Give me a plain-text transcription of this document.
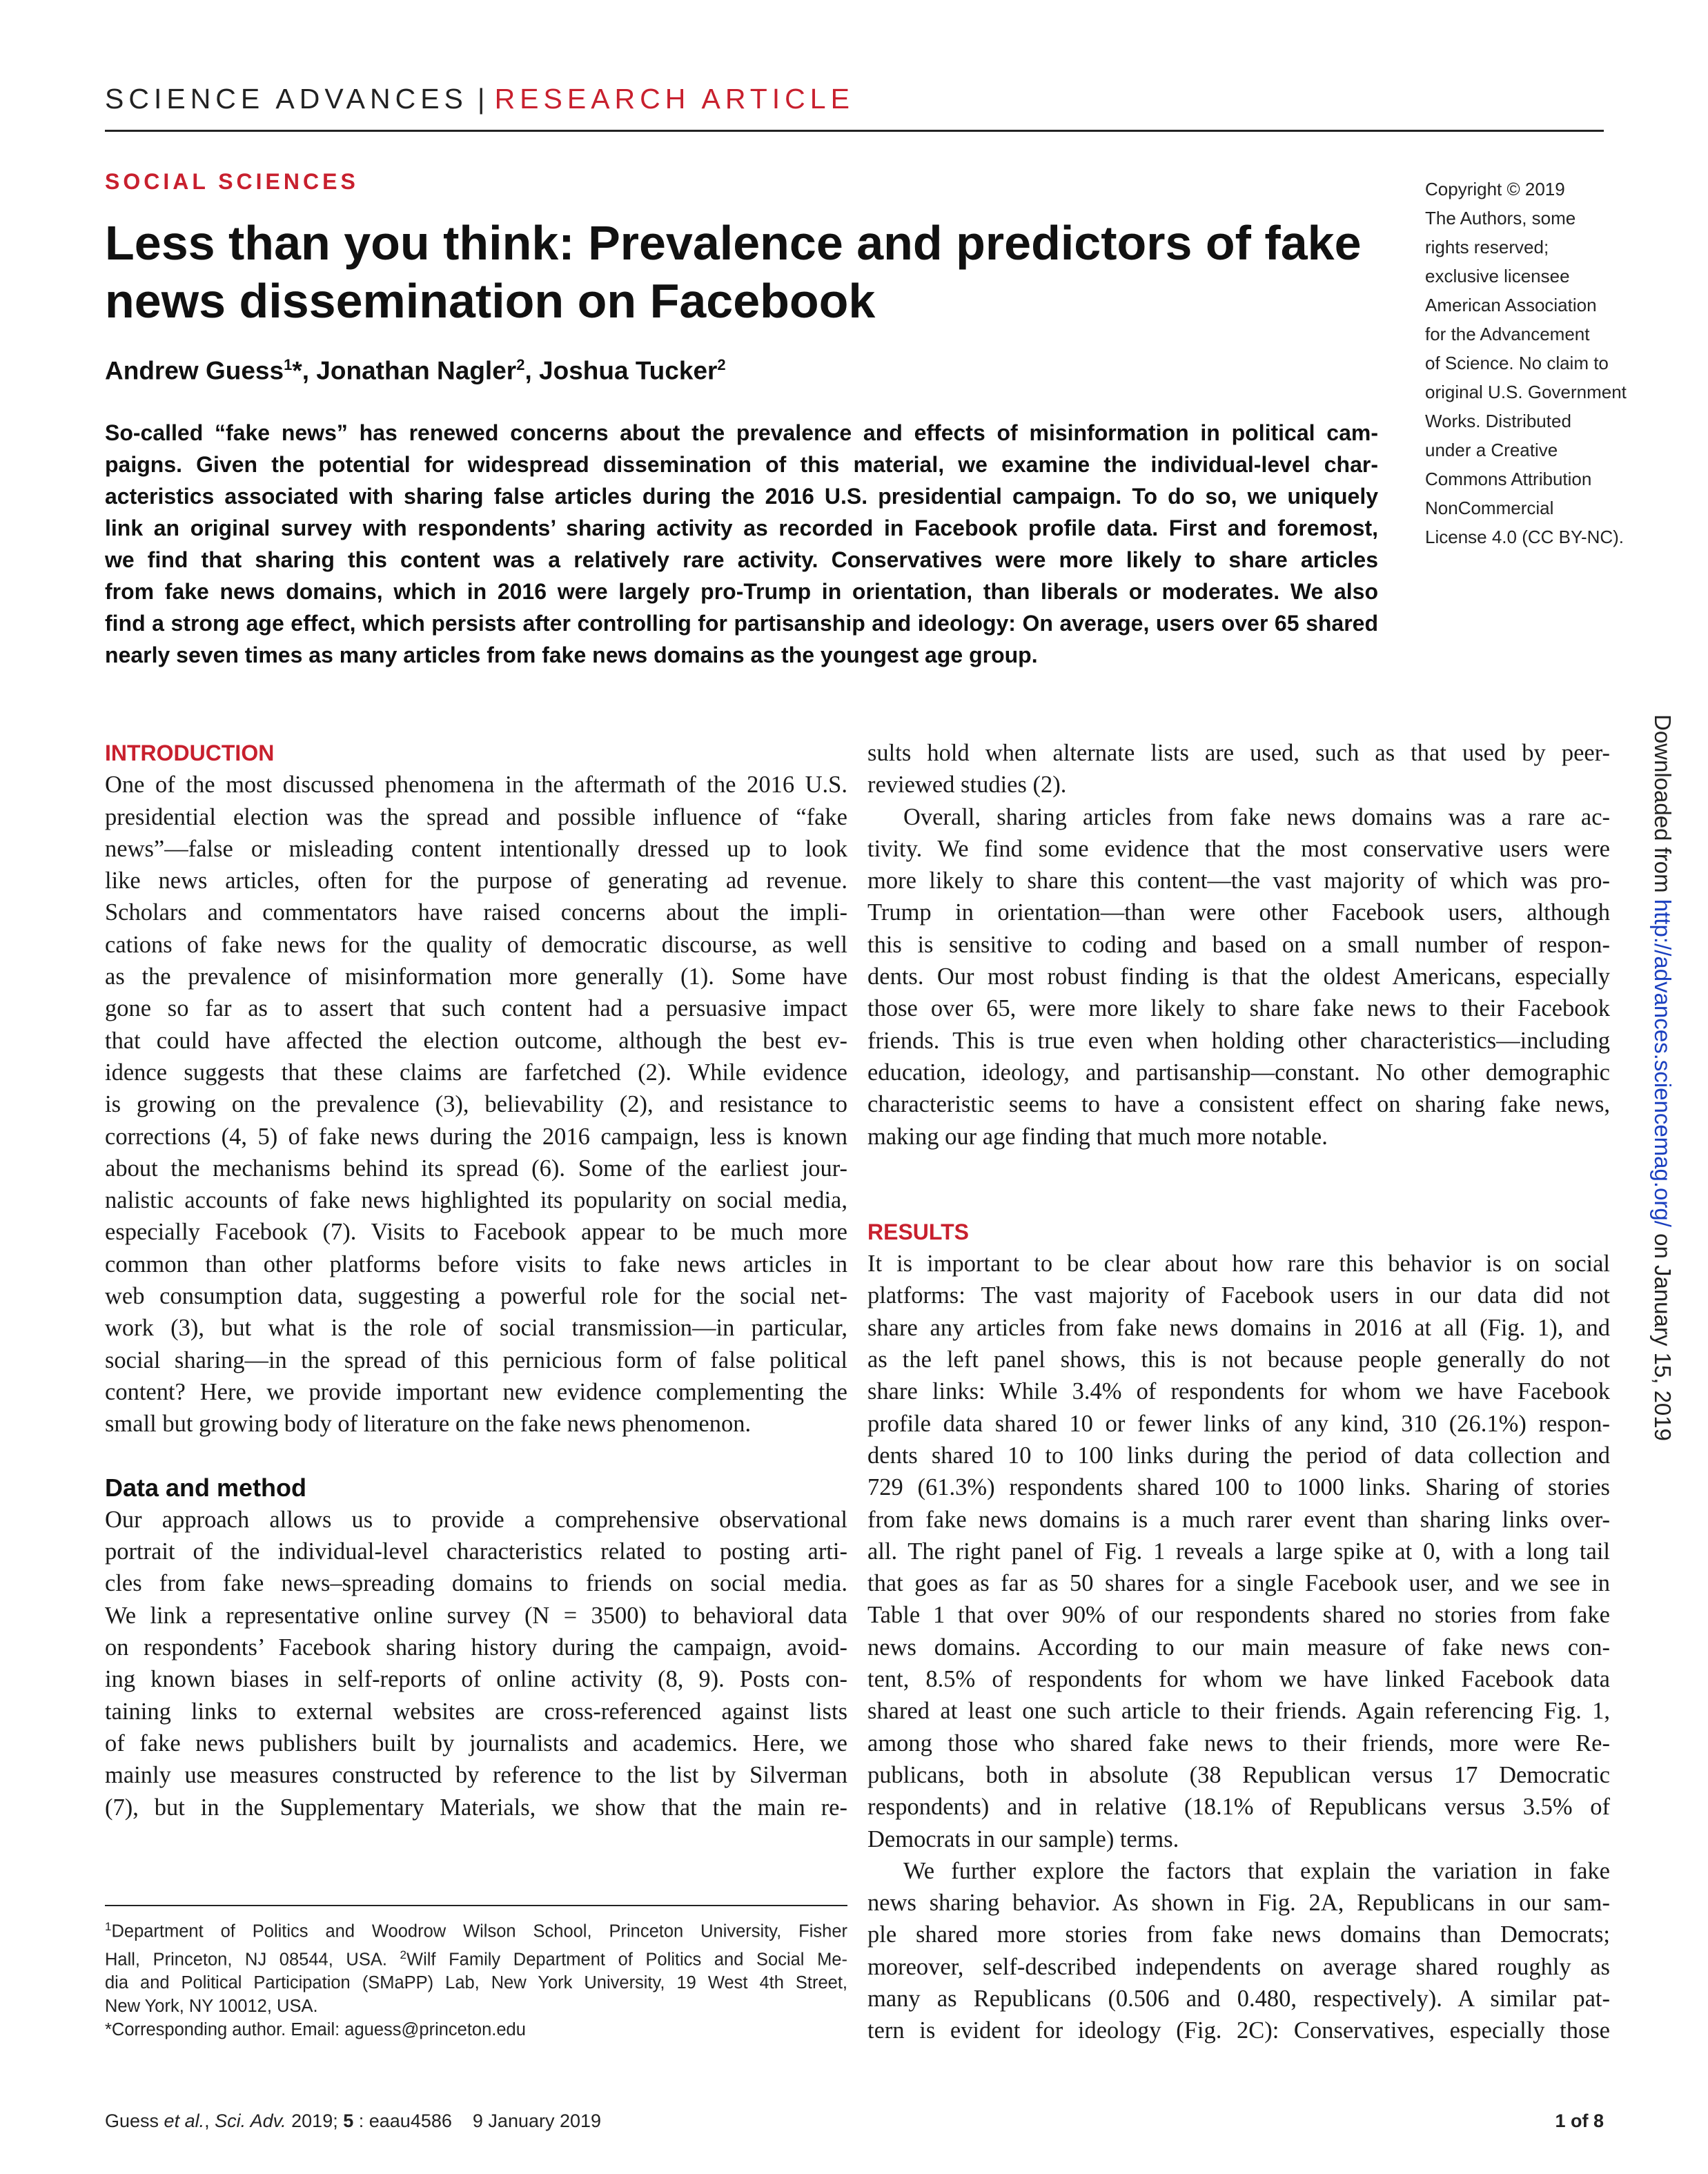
SCIENCE ADVANCES | RESEARCH ARTICLE
SOCIAL SCIENCES
Less than you think: Prevalence and predictors of fake news dissemination on Facebook
Andrew Guess$^1$*, Jonathan Nagler$^2$, Joshua Tucker$^2$
Copyright © 2019
The Authors, some
rights reserved;
exclusive licensee
American Association
for the Advancement
of Science. No claim to
original U.S. Government
Works. Distributed
under a Creative
Commons Attribution
NonCommercial
License 4.0 (CC BY-NC).
So-called “fake news” has renewed concerns about the prevalence and effects of misinformation in political cam-
paigns. Given the potential for widespread dissemination of this material, we examine the individual-level char-
acteristics associated with sharing false articles during the 2016 U.S. presidential campaign. To do so, we uniquely
link an original survey with respondents’ sharing activity as recorded in Facebook profile data. First and foremost,
we find that sharing this content was a relatively rare activity. Conservatives were more likely to share articles
from fake news domains, which in 2016 were largely pro-Trump in orientation, than liberals or moderates. We also
find a strong age effect, which persists after controlling for partisanship and ideology: On average, users over 65 shared
nearly seven times as many articles from fake news domains as the youngest age group.
Downloaded from http://advances.sciencemag.org/ on January 15, 2019
INTRODUCTION
One of the most discussed phenomena in the aftermath of the 2016 U.S.
presidential election was the spread and possible influence of “fake
news”—false or misleading content intentionally dressed up to look
like news articles, often for the purpose of generating ad revenue.
Scholars and commentators have raised concerns about the impli-
cations of fake news for the quality of democratic discourse, as well
as the prevalence of misinformation more generally (1). Some have
gone so far as to assert that such content had a persuasive impact
that could have affected the election outcome, although the best ev-
idence suggests that these claims are farfetched (2). While evidence
is growing on the prevalence (3), believability (2), and resistance to
corrections (4, 5) of fake news during the 2016 campaign, less is known
about the mechanisms behind its spread (6). Some of the earliest jour-
nalistic accounts of fake news highlighted its popularity on social media,
especially Facebook (7). Visits to Facebook appear to be much more
common than other platforms before visits to fake news articles in
web consumption data, suggesting a powerful role for the social net-
work (3), but what is the role of social transmission—in particular,
social sharing—in the spread of this pernicious form of false political
content? Here, we provide important new evidence complementing the
small but growing body of literature on the fake news phenomenon.
Data and method
Our approach allows us to provide a comprehensive observational
portrait of the individual-level characteristics related to posting arti-
cles from fake news–spreading domains to friends on social media.
We link a representative online survey (N = 3500) to behavioral data
on respondents’ Facebook sharing history during the campaign, avoid-
ing known biases in self-reports of online activity (8, 9). Posts con-
taining links to external websites are cross-referenced against lists
of fake news publishers built by journalists and academics. Here, we
mainly use measures constructed by reference to the list by Silverman
(7), but in the Supplementary Materials, we show that the main re-
sults hold when alternate lists are used, such as that used by peer-
reviewed studies (2).
Overall, sharing articles from fake news domains was a rare ac-
tivity. We find some evidence that the most conservative users were
more likely to share this content—the vast majority of which was pro-
Trump in orientation—than were other Facebook users, although
this is sensitive to coding and based on a small number of respon-
dents. Our most robust finding is that the oldest Americans, especially
those over 65, were more likely to share fake news to their Facebook
friends. This is true even when holding other characteristics—including
education, ideology, and partisanship—constant. No other demographic
characteristic seems to have a consistent effect on sharing fake news,
making our age finding that much more notable.
RESULTS
It is important to be clear about how rare this behavior is on social
platforms: The vast majority of Facebook users in our data did not
share any articles from fake news domains in 2016 at all (Fig. 1), and
as the left panel shows, this is not because people generally do not
share links: While 3.4% of respondents for whom we have Facebook
profile data shared 10 or fewer links of any kind, 310 (26.1%) respon-
dents shared 10 to 100 links during the period of data collection and
729 (61.3%) respondents shared 100 to 1000 links. Sharing of stories
from fake news domains is a much rarer event than sharing links over-
all. The right panel of Fig. 1 reveals a large spike at 0, with a long tail
that goes as far as 50 shares for a single Facebook user, and we see in
Table 1 that over 90% of our respondents shared no stories from fake
news domains. According to our main measure of fake news con-
tent, 8.5% of respondents for whom we have linked Facebook data
shared at least one such article to their friends. Again referencing Fig. 1,
among those who shared fake news to their friends, more were Re-
publicans, both in absolute (38 Republican versus 17 Democratic
respondents) and in relative (18.1% of Republicans versus 3.5% of
Democrats in our sample) terms.
We further explore the factors that explain the variation in fake
news sharing behavior. As shown in Fig. 2A, Republicans in our sam-
ple shared more stories from fake news domains than Democrats;
moreover, self-described independents on average shared roughly as
many as Republicans (0.506 and 0.480, respectively). A similar pat-
tern is evident for ideology (Fig. 2C): Conservatives, especially those
$^1$Department of Politics and Woodrow Wilson School, Princeton University, Fisher
Hall, Princeton, NJ 08544, USA. $^2$Wilf Family Department of Politics and Social Me-
dia and Political Participation (SMaPP) Lab, New York University, 19 West 4th Street,
New York, NY 10012, USA.
*Corresponding author. Email: aguess@princeton.edu
Guess et al., Sci. Adv. 2019; 5 : eaau4586 9 January 2019	1 of 8
